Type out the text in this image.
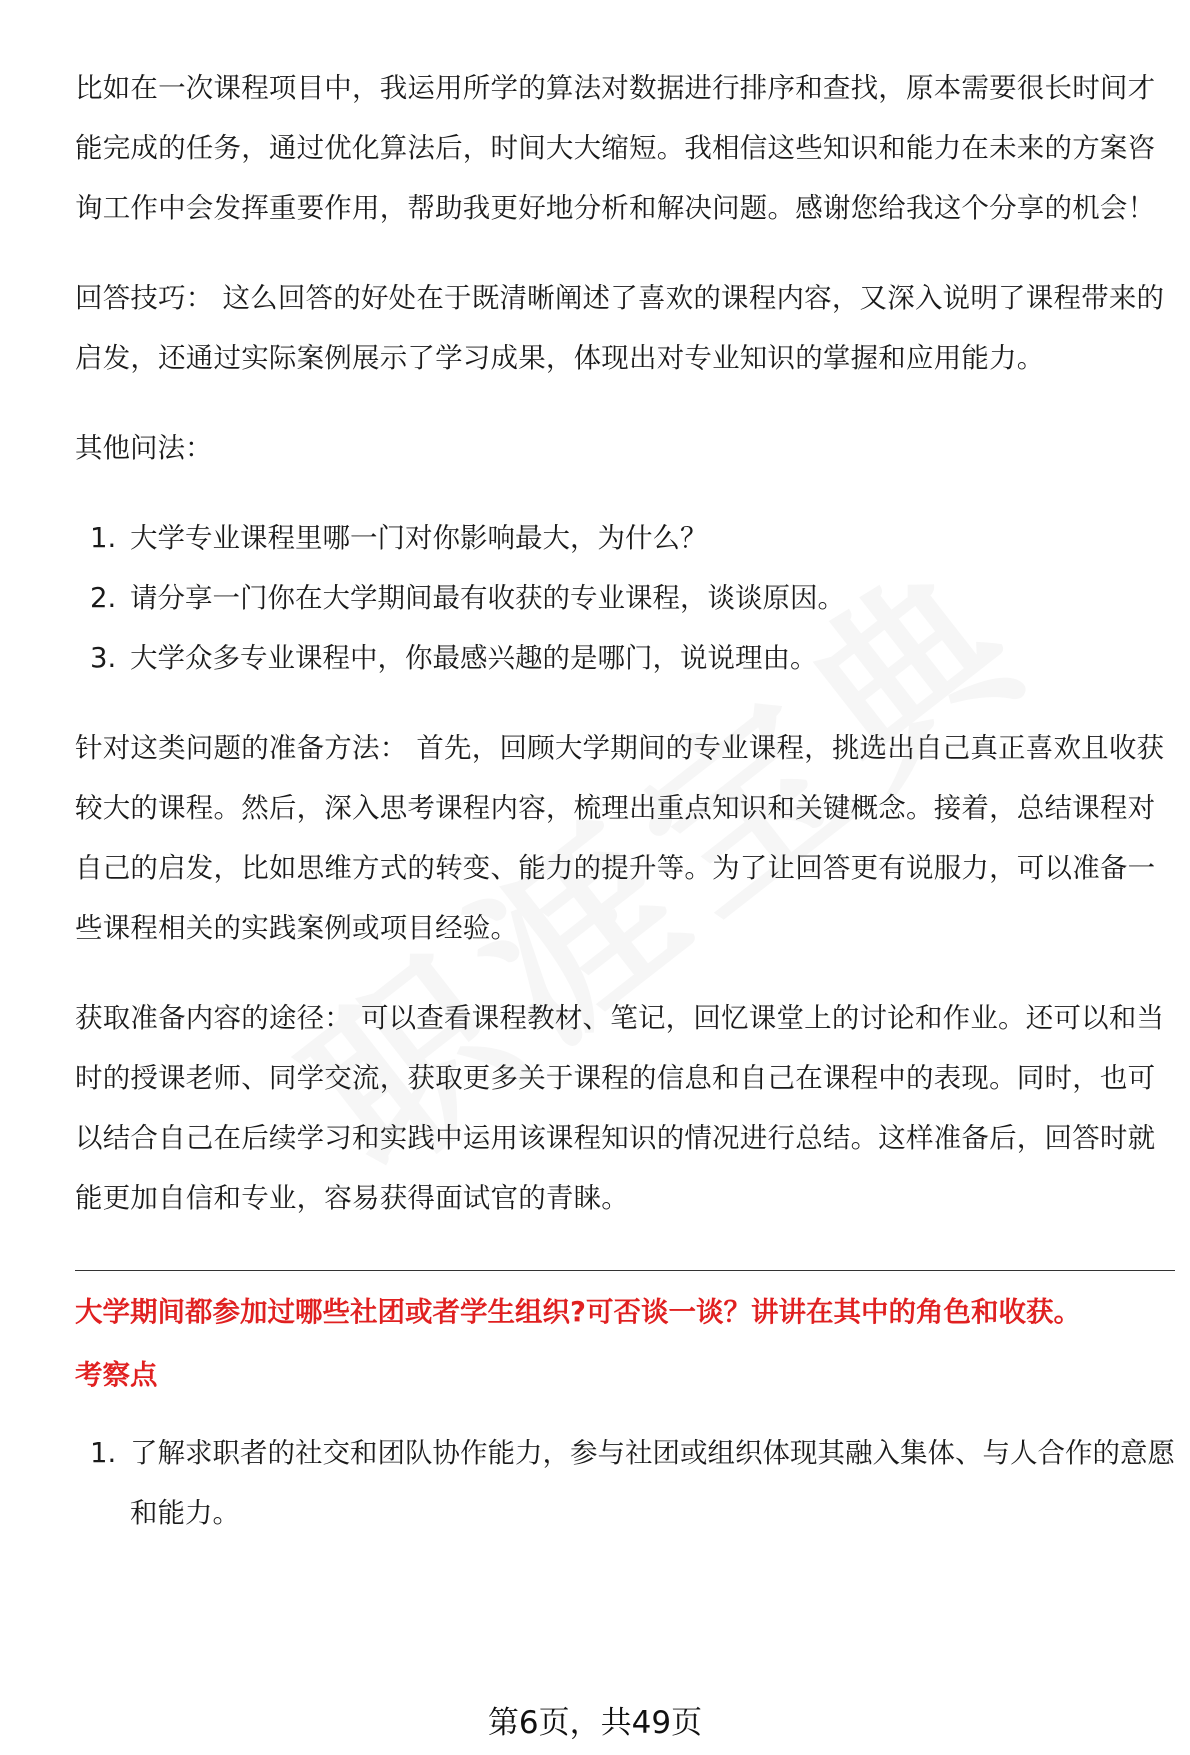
比如在一次课程项目中，我运用所学的算法对数据进行排序和查找，原本需要很长时间才能完成的任务，通过优化算法后，时间大大缩短。我相信这些知识和能力在未来的方案咨询工作中会发挥重要作用，帮助我更好地分析和解决问题。感谢您给我这个分享的机会！

回答技巧： 这么回答的好处在于既清晰阐述了喜欢的课程内容，又深入说明了课程带来的启发，还通过实际案例展示了学习成果，体现出对专业知识的掌握和应用能力。

其他问法：

1. 大学专业课程里哪一门对你影响最大，为什么？
2. 请分享一门你在大学期间最有收获的专业课程，谈谈原因。
3. 大学众多专业课程中，你最感兴趣的是哪门，说说理由。

针对这类问题的准备方法： 首先，回顾大学期间的专业课程，挑选出自己真正喜欢且收获较大的课程。然后，深入思考课程内容，梳理出重点知识和关键概念。接着，总结课程对自己的启发，比如思维方式的转变、能力的提升等。为了让回答更有说服力，可以准备一些课程相关的实践案例或项目经验。

获取准备内容的途径： 可以查看课程教材、笔记，回忆课堂上的讨论和作业。还可以和当时的授课老师、同学交流，获取更多关于课程的信息和自己在课程中的表现。同时，也可以结合自己在后续学习和实践中运用该课程知识的情况进行总结。这样准备后，回答时就能更加自信和专业，容易获得面试官的青睐。

大学期间都参加过哪些社团或者学生组织?可否谈一谈？讲讲在其中的角色和收获。

考察点

1. 了解求职者的社交和团队协作能力，参与社团或组织体现其融入集体、与人合作的意愿和能力。
第6页，共49页
